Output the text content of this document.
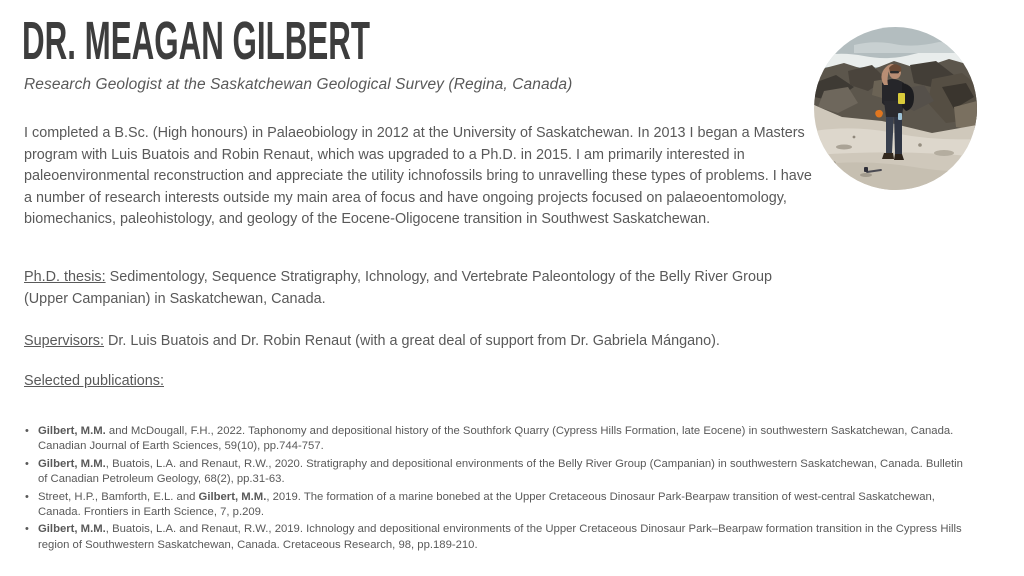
DR. MEAGAN GILBERT
Research Geologist at the Saskatchewan Geological Survey (Regina, Canada)

I completed a B.Sc. (High honours) in Palaeobiology in 2012 at the University of Saskatchewan. In 2013 I began a Masters program with Luis Buatois and Robin Renaut, which was upgraded to a Ph.D. in 2015. I am primarily interested in paleoenvironmental reconstruction and appreciate the utility ichnofossils bring to unravelling these types of problems. I have a number of research interests outside my main area of focus and have ongoing projects focused on palaeoentomology, biomechanics, paleohistology, and geology of the Eocene-Oligocene transition in Southwest Saskatchewan.

Ph.D. thesis: Sedimentology, Sequence Stratigraphy, Ichnology, and Vertebrate Paleontology of the Belly River Group (Upper Campanian) in Saskatchewan, Canada.

Supervisors: Dr. Luis Buatois and Dr. Robin Renaut (with a great deal of support from Dr. Gabriela Mángano).

Selected publications:
• Gilbert, M.M. and McDougall, F.H., 2022. Taphonomy and depositional history of the Southfork Quarry (Cypress Hills Formation, late Eocene) in southwestern Saskatchewan, Canada. Canadian Journal of Earth Sciences, 59(10), pp.744-757.
• Gilbert, M.M., Buatois, L.A. and Renaut, R.W., 2020. Stratigraphy and depositional environments of the Belly River Group (Campanian) in southwestern Saskatchewan, Canada. Bulletin of Canadian Petroleum Geology, 68(2), pp.31-63.
• Street, H.P., Bamforth, E.L. and Gilbert, M.M., 2019. The formation of a marine bonebed at the Upper Cretaceous Dinosaur Park-Bearpaw transition of west-central Saskatchewan, Canada. Frontiers in Earth Science, 7, p.209.
• Gilbert, M.M., Buatois, L.A. and Renaut, R.W., 2019. Ichnology and depositional environments of the Upper Cretaceous Dinosaur Park–Bearpaw formation transition in the Cypress Hills region of Southwestern Saskatchewan, Canada. Cretaceous Research, 98, pp.189-210.
